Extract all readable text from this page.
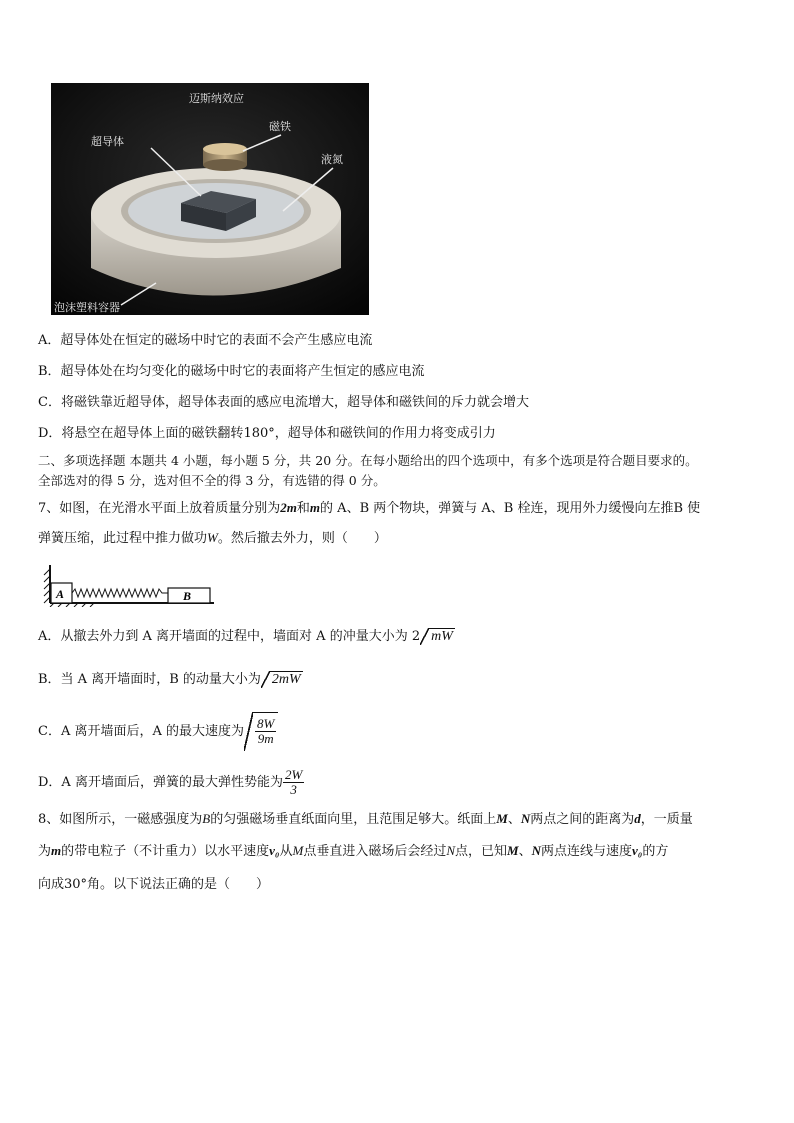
迈斯纳效应
超导体
磁铁
液氮
泡沫塑料容器
A．超导体处在恒定的磁场中时它的表面不会产生感应电流
B．超导体处在均匀变化的磁场中时它的表面将产生恒定的感应电流
C．将磁铁靠近超导体，超导体表面的感应电流增大，超导体和磁铁间的斥力就会增大
D．将悬空在超导体上面的磁铁翻转180°，超导体和磁铁间的作用力将变成引力
二、多项选择题 本题共 4 小题，每小题 5 分，共 20 分。在每小题给出的四个选项中，有多个选项是符合题目要求的。
全部选对的得 5 分，选对但不全的得 3 分，有选错的得 0 分。
7、如图，在光滑水平面上放着质量分别为2m和m的 A、B 两个物块，弹簧与 A、B 栓连，现用外力缓慢向左推B 使
弹簧压缩，此过程中推力做功W。然后撤去外力，则（　　）
A	B
A．从撤去外力到 A 离开墙面的过程中，墙面对 A 的冲量大小为 2 mW
B．当 A 离开墙面时，B 的动量大小为 2mW
C．A 离开墙面后，A 的最大速度为 $\frac{8W}{9m}$
D．A 离开墙面后，弹簧的最大弹性势能为 $\frac{2W}{3}$
8、如图所示，一磁感强度为B的匀强磁场垂直纸面向里，且范围足够大。纸面上M、N两点之间的距离为d，一质量
为m的带电粒子（不计重力）以水平速度v₀从M点垂直进入磁场后会经过N点，已知M、N两点连线与速度v₀的方
向成30°角。以下说法正确的是（　　）
